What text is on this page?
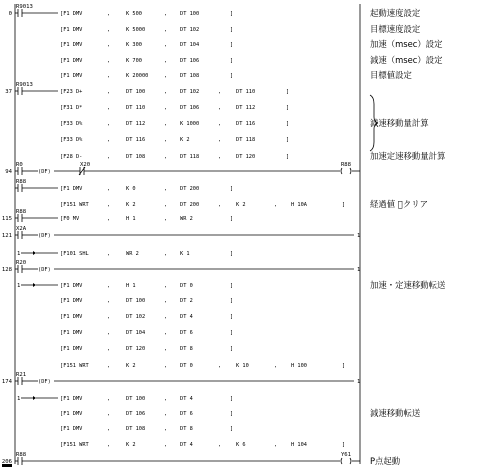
0
R9013
[F1 DMV	,	K 500	, DT 100	]	起動速度設定
[F1 DMV	,	K 5000	, DT 102	]	目標速度設定
[F1 DMV	,	K 300	, DT 104	]	加速（msec）設定
[F1 DMV	,	K 700	, DT 106	]	減速（msec）設定
[F1 DMV	,	K 20000	, DT 108	]	目標値設定
37
R9013
[F23 D+	,	DT 100	, DT 102	,	DT 110	]
[F31 D*	,	DT 110	, DT 106	,	DT 112	]
[F33 D%	,	DT 112	, K 1000	,	DT 116	]	減速移動量計算
[F33 D%	,	DT 116	, K 2	,	DT 118	]
[F28 D-	,	DT 108	, DT 118	,	DT 120	]	加速定速移動量計算
94
R0
(DF)
X20	R88
R88
[F1 DMV	,	K 0	, DT 200	]
[F151 WRT	,	K 2	, DT 200	,	K 2	,	H 10A	]	経過値 ⃠クリア
115
R88
[F0 MV	,	H 1	, WR 2	]
121
X2A
(DF)	1
1	[F101 SHL	,	WR 2	, K 1	]
128
R20
(DF)	1
1	[F1 DMV	,	H 1	, DT 0	]	加速・定速移動転送
[F1 DMV	,	DT 100	, DT 2	]
[F1 DMV	,	DT 102	, DT 4	]
[F1 DMV	,	DT 104	, DT 6	]
[F1 DMV	,	DT 120	, DT 8	]
[F151 WRT	,	K 2	, DT 0	,	K 10	,	H 100	]
174
R21
(DF)	1
1	[F1 DMV	,	DT 100	, DT 4	]
[F1 DMV	,	DT 106	, DT 6	]	減速移動転送
[F1 DMV	,	DT 108	, DT 8	]
[F151 WRT	,	K 2	, DT 4	,	K 6	,	H 104	]
206
R88	Y61
P点起動
